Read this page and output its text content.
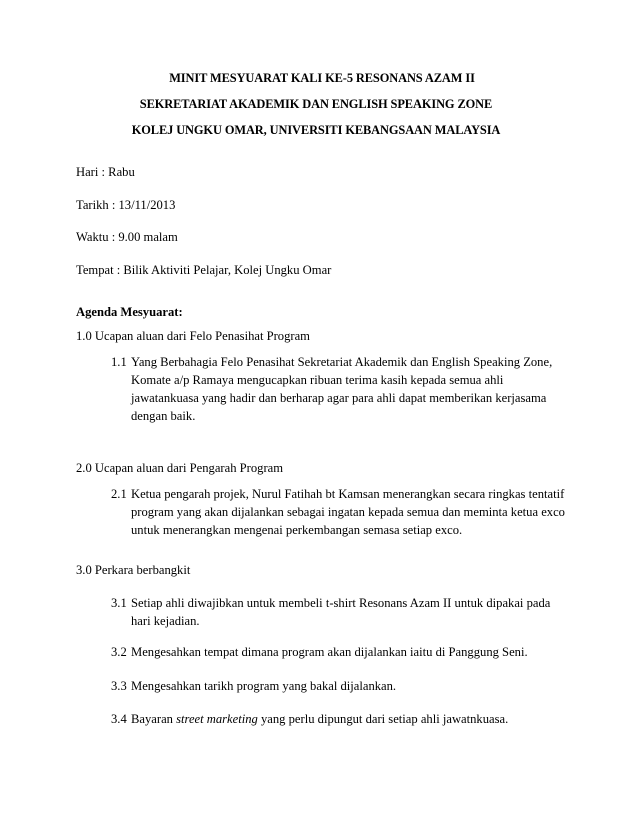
MINIT MESYUARAT KALI KE-5 RESONANS AZAM II
SEKRETARIAT AKADEMIK DAN ENGLISH SPEAKING ZONE
KOLEJ UNGKU OMAR, UNIVERSITI KEBANGSAAN MALAYSIA
Hari : Rabu
Tarikh : 13/11/2013
Waktu : 9.00 malam
Tempat : Bilik Aktiviti Pelajar, Kolej Ungku Omar
Agenda Mesyuarat:
1.0 Ucapan aluan dari Felo Penasihat Program
1.1 Yang Berbahagia Felo Penasihat Sekretariat Akademik dan English Speaking Zone,
Komate a/p Ramaya mengucapkan ribuan terima kasih kepada semua ahli
jawatankuasa yang hadir dan berharap agar para ahli dapat memberikan kerjasama
dengan baik.
2.0 Ucapan aluan dari Pengarah Program
2.1 Ketua pengarah projek, Nurul Fatihah bt Kamsan menerangkan secara ringkas tentatif
program yang akan dijalankan sebagai ingatan kepada semua dan meminta ketua exco
untuk menerangkan mengenai perkembangan semasa setiap exco.
3.0 Perkara berbangkit
3.1 Setiap ahli diwajibkan untuk membeli t-shirt Resonans Azam II untuk dipakai pada
hari kejadian.
3.2 Mengesahkan tempat dimana program akan dijalankan iaitu di Panggung Seni.
3.3 Mengesahkan tarikh program yang bakal dijalankan.
3.4 Bayaran street marketing yang perlu dipungut dari setiap ahli jawatnkuasa.
